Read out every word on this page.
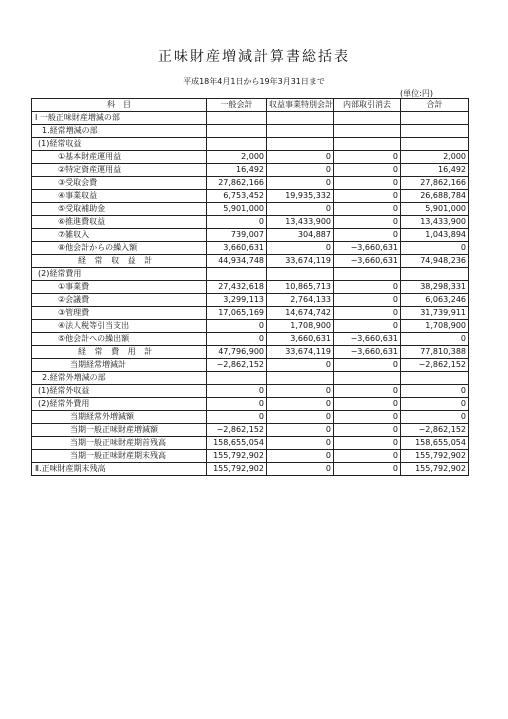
正味財産増減計算書総括表
平成18年4月1日から19年3月31日まで
(単位:円)
科　目	一般会計	収益事業特別会計	内部取引消去	合計
Ⅰ 一般正味財産増減の部				
1.経常増減の部				
(1)経常収益				
①基本財産運用益	2,000	0	0	2,000
②特定資産運用益	16,492	0	0	16,492
③受取会費	27,862,166	0	0	27,862,166
④事業収益	6,753,452	19,935,332	0	26,688,784
⑤受取補助金	5,901,000	0	0	5,901,000
⑥推進費収益	0	13,433,900	0	13,433,900
⑦雑収入	739,007	304,887	0	1,043,894
⑧他会計からの繰入額	3,660,631	0	−3,660,631	0
経 常 収 益 計	44,934,748	33,674,119	−3,660,631	74,948,236
(2)経常費用				
①事業費	27,432,618	10,865,713	0	38,298,331
②会議費	3,299,113	2,764,133	0	6,063,246
③管理費	17,065,169	14,674,742	0	31,739,911
④法人税等引当支出	0	1,708,900	0	1,708,900
⑤他会計への繰出額	0	3,660,631	−3,660,631	0
経 常 費 用 計	47,796,900	33,674,119	−3,660,631	77,810,388
当期経常増減計	−2,862,152	0	0	−2,862,152
2.経常外増減の部				
(1)経常外収益	0	0	0	0
(2)経常外費用	0	0	0	0
当期経常外増減額	0	0	0	0
当期一般正味財産増減額	−2,862,152	0	0	−2,862,152
当期一般正味財産期首残高	158,655,054	0	0	158,655,054
当期一般正味財産期末残高	155,792,902	0	0	155,792,902
Ⅱ.正味財産期末残高	155,792,902	0	0	155,792,902
